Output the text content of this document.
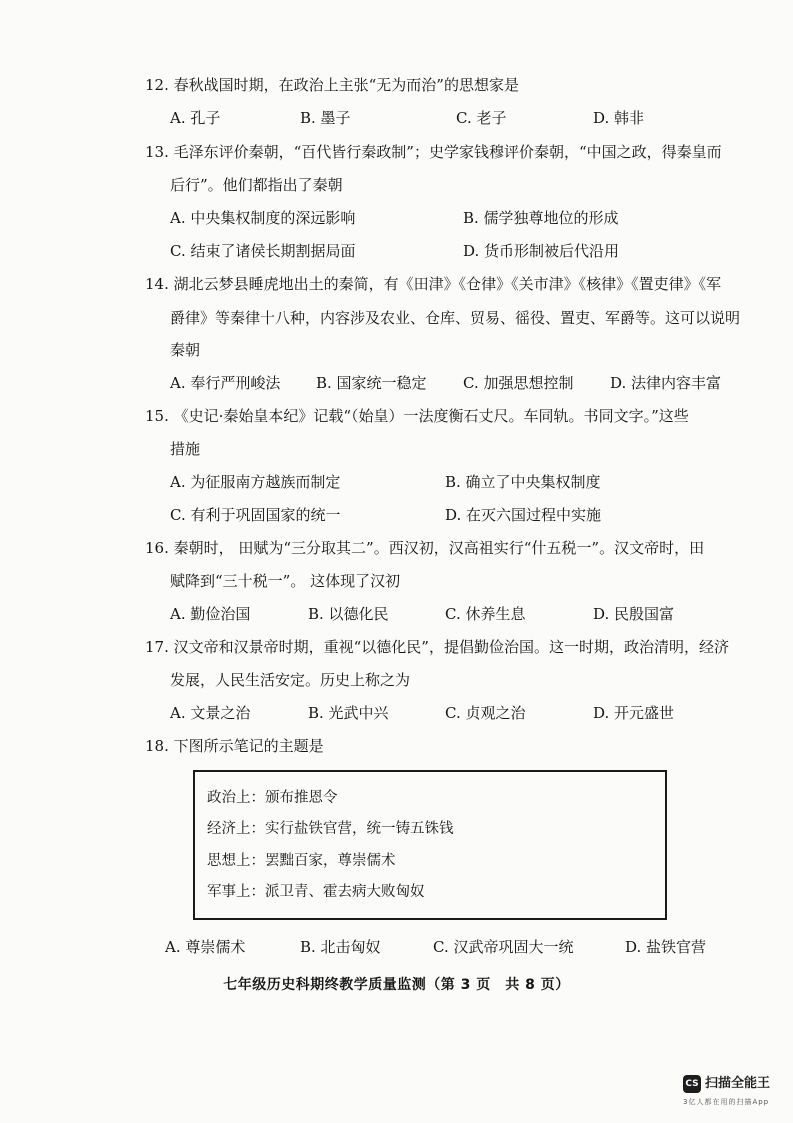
12. 春秋战国时期，在政治上主张“无为而治”的思想家是
A. 孔子	B. 墨子	C. 老子	D. 韩非
13. 毛泽东评价秦朝，“百代皆行秦政制”；史学家钱穆评价秦朝，“中国之政，得秦皇而
后行”。他们都指出了秦朝
A. 中央集权制度的深远影响	B. 儒学独尊地位的形成
C. 结束了诸侯长期割据局面	D. 货币形制被后代沿用
14. 湖北云梦县睡虎地出土的秦简，有《田津》《仓律》《关市津》《核律》《置吏律》《军
爵律》等秦律十八种，内容涉及农业、仓库、贸易、徭役、置吏、军爵等。这可以说明
秦朝
A. 奉行严刑峻法 B. 国家统一稳定 C. 加强思想控制 D. 法律内容丰富
15. 《史记·秦始皇本纪》记载“（始皇）一法度衡石丈尺。车同轨。书同文字。”这些
措施
A. 为征服南方越族而制定	B. 确立了中央集权制度
C. 有利于巩固国家的统一	D. 在灭六国过程中实施
16. 秦朝时， 田赋为“三分取其二”。西汉初，汉高祖实行“什五税一”。汉文帝时，田
赋降到“三十税一”。 这体现了汉初
A. 勤俭治国	B. 以德化民	C. 休养生息	D. 民殷国富
17. 汉文帝和汉景帝时期，重视“以德化民”，提倡勤俭治国。这一时期，政治清明，经济
发展，人民生活安定。历史上称之为
A. 文景之治	B. 光武中兴	C. 贞观之治	D. 开元盛世
18. 下图所示笔记的主题是
政治上：颁布推恩令
经济上：实行盐铁官营，统一铸五铢钱
思想上：罢黜百家，尊崇儒术
军事上：派卫青、霍去病大败匈奴
A. 尊崇儒术	B. 北击匈奴	C. 汉武帝巩固大一统	D. 盐铁官营
七年级历史科期终教学质量监测（第 3 页　共 8 页）
CS 扫描全能王
3亿人都在用的扫描App
